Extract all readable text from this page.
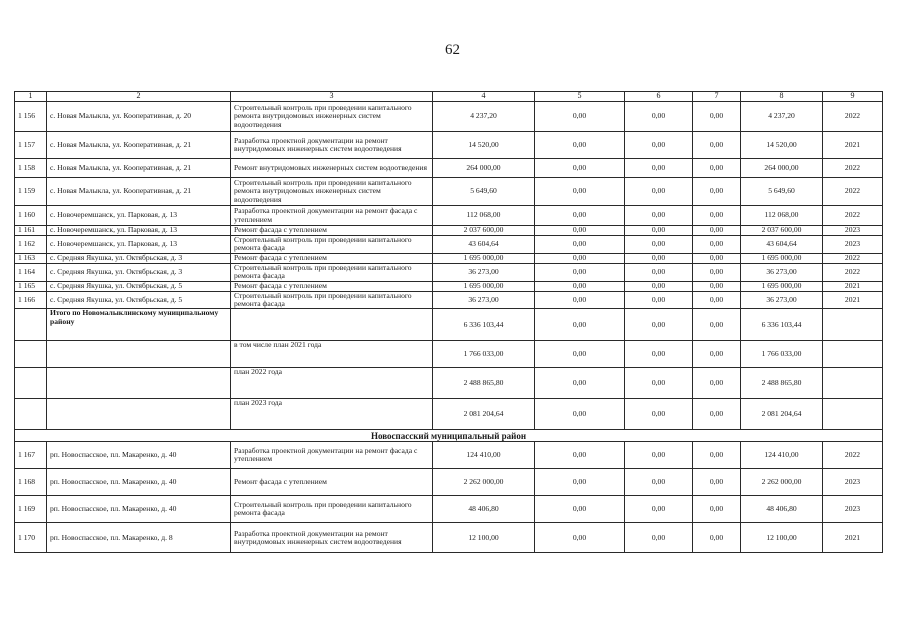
62
1	2	3	4	5	6	7	8	9
1 156	с. Новая Малыкла, ул. Кооперативная, д. 20	Строительный контроль при проведении капитального ремонта внутридомовых инженерных систем водоотведения	4 237,20	0,00	0,00	0,00	4 237,20	2022
1 157	с. Новая Малыкла, ул. Кооперативная, д. 21	Разработка проектной документации на ремонт внутридомовых инженерных систем водоотведения	14 520,00	0,00	0,00	0,00	14 520,00	2021
1 158	с. Новая Малыкла, ул. Кооперативная, д. 21	Ремонт внутридомовых инженерных систем водоотведения	264 000,00	0,00	0,00	0,00	264 000,00	2022
1 159	с. Новая Малыкла, ул. Кооперативная, д. 21	Строительный контроль при проведении капитального ремонта внутридомовых инженерных систем водоотведения	5 649,60	0,00	0,00	0,00	5 649,60	2022
1 160	с. Новочеремшанск, ул. Парковая, д. 13	Разработка проектной документации на ремонт фасада с утеплением	112 068,00	0,00	0,00	0,00	112 068,00	2022
1 161	с. Новочеремшанск, ул. Парковая, д. 13	Ремонт фасада с утеплением	2 037 600,00	0,00	0,00	0,00	2 037 600,00	2023
1 162	с. Новочеремшанск, ул. Парковая, д. 13	Строительный контроль при проведении капитального ремонта фасада	43 604,64	0,00	0,00	0,00	43 604,64	2023
1 163	с. Средняя Якушка, ул. Октябрьская, д. 3	Ремонт фасада с утеплением	1 695 000,00	0,00	0,00	0,00	1 695 000,00	2022
1 164	с. Средняя Якушка, ул. Октябрьская, д. 3	Строительный контроль при проведении капитального ремонта фасада	36 273,00	0,00	0,00	0,00	36 273,00	2022
1 165	с. Средняя Якушка, ул. Октябрьская, д. 5	Ремонт фасада с утеплением	1 695 000,00	0,00	0,00	0,00	1 695 000,00	2021
1 166	с. Средняя Якушка, ул. Октябрьская, д. 5	Строительный контроль при проведении капитального ремонта фасада	36 273,00	0,00	0,00	0,00	36 273,00	2021
	Итого по Новомалыклинскому муниципальному району		6 336 103,44	0,00	0,00	0,00	6 336 103,44	
		в том числе план 2021 года	1 766 033,00	0,00	0,00	0,00	1 766 033,00	
		план 2022 года	2 488 865,80	0,00	0,00	0,00	2 488 865,80	
		план 2023 года	2 081 204,64	0,00	0,00	0,00	2 081 204,64	
Новоспасский муниципальный район								
1 167	рп. Новоспасское, пл. Макаренко, д. 40	Разработка проектной документации на ремонт фасада с утеплением	124 410,00	0,00	0,00	0,00	124 410,00	2022
1 168	рп. Новоспасское, пл. Макаренко, д. 40	Ремонт фасада с утеплением	2 262 000,00	0,00	0,00	0,00	2 262 000,00	2023
1 169	рп. Новоспасское, пл. Макаренко, д. 40	Строительный контроль при проведении капитального ремонта фасада	48 406,80	0,00	0,00	0,00	48 406,80	2023
1 170	рп. Новоспасское, пл. Макаренко, д. 8	Разработка проектной документации на ремонт внутридомовых инженерных систем водоотведения	12 100,00	0,00	0,00	0,00	12 100,00	2021
